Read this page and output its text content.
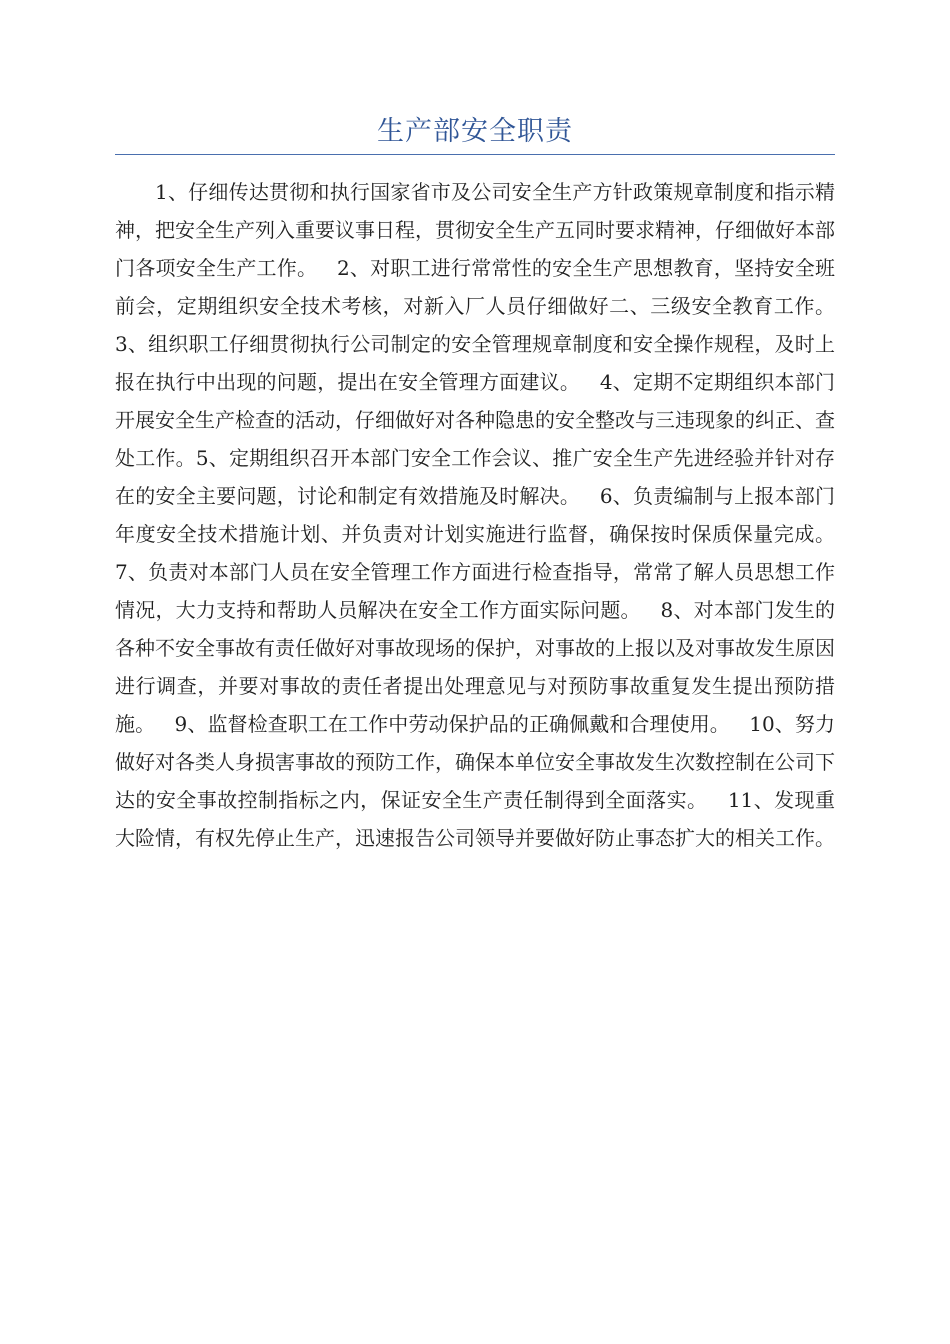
生产部安全职责

1、仔细传达贯彻和执行国家省市及公司安全生产方针政策规章制度和指示精神，把安全生产列入重要议事日程，贯彻安全生产五同时要求精神，仔细做好本部门各项安全生产工作。   2、对职工进行常常性的安全生产思想教育，坚持安全班前会，定期组织安全技术考核，对新入厂人员仔细做好二、三级安全教育工作。   3、组织职工仔细贯彻执行公司制定的安全管理规章制度和安全操作规程，及时上报在执行中出现的问题，提出在安全管理方面建议。   4、定期不定期组织本部门开展安全生产检查的活动，仔细做好对各种隐患的安全整改与三违现象的纠正、查处工作。5、定期组织召开本部门安全工作会议、推广安全生产先进经验并针对存在的安全主要问题，讨论和制定有效措施及时解决。   6、负责编制与上报本部门年度安全技术措施计划、并负责对计划实施进行监督，确保按时保质保量完成。   7、负责对本部门人员在安全管理工作方面进行检查指导，常常了解人员思想工作情况，大力支持和帮助人员解决在安全工作方面实际问题。   8、对本部门发生的各种不安全事故有责任做好对事故现场的保护，对事故的上报以及对事故发生原因进行调查，并要对事故的责任者提出处理意见与对预防事故重复发生提出预防措施。   9、监督检查职工在工作中劳动保护品的正确佩戴和合理使用。   10、努力做好对各类人身损害事故的预防工作，确保本单位安全事故发生次数控制在公司下达的安全事故控制指标之内，保证安全生产责任制得到全面落实。   11、发现重大险情，有权先停止生产，迅速报告公司领导并要做好防止事态扩大的相关工作。
